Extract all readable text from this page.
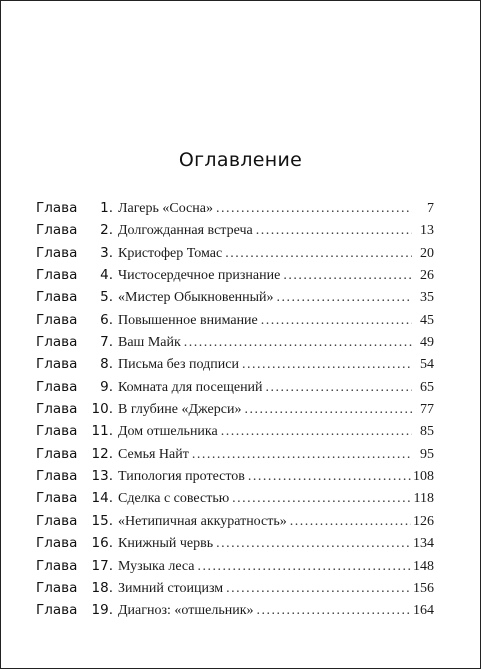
Оглавление
Глава	1. Лагерь «Сосна» . . .	7
Глава	2. Долгожданная встреча . . .	13
Глава	3. Кристофер Томас . . .	20
Глава	4. Чистосердечное признание . . .	26
Глава	5. «Мистер Обыкновенный» . . .	35
Глава	6. Повышенное внимание . . .	45
Глава	7. Ваш Майк . . .	49
Глава	8. Письма без подписи . . .	54
Глава	9. Комната для посещений . . .	65
Глава	10. В глубине «Джерси» . . .	77
Глава	11. Дом отшельника . . .	85
Глава	12. Семья Найт . . .	95
Глава	13. Типология протестов . . .	108
Глава	14. Сделка с совестью . . .	118
Глава	15. «Нетипичная аккуратность» . . .	126
Глава	16. Книжный червь . . .	134
Глава	17. Музыка леса . . .	148
Глава	18. Зимний стоицизм . . .	156
Глава	19. Диагноз: «отшельник» . . .	164
